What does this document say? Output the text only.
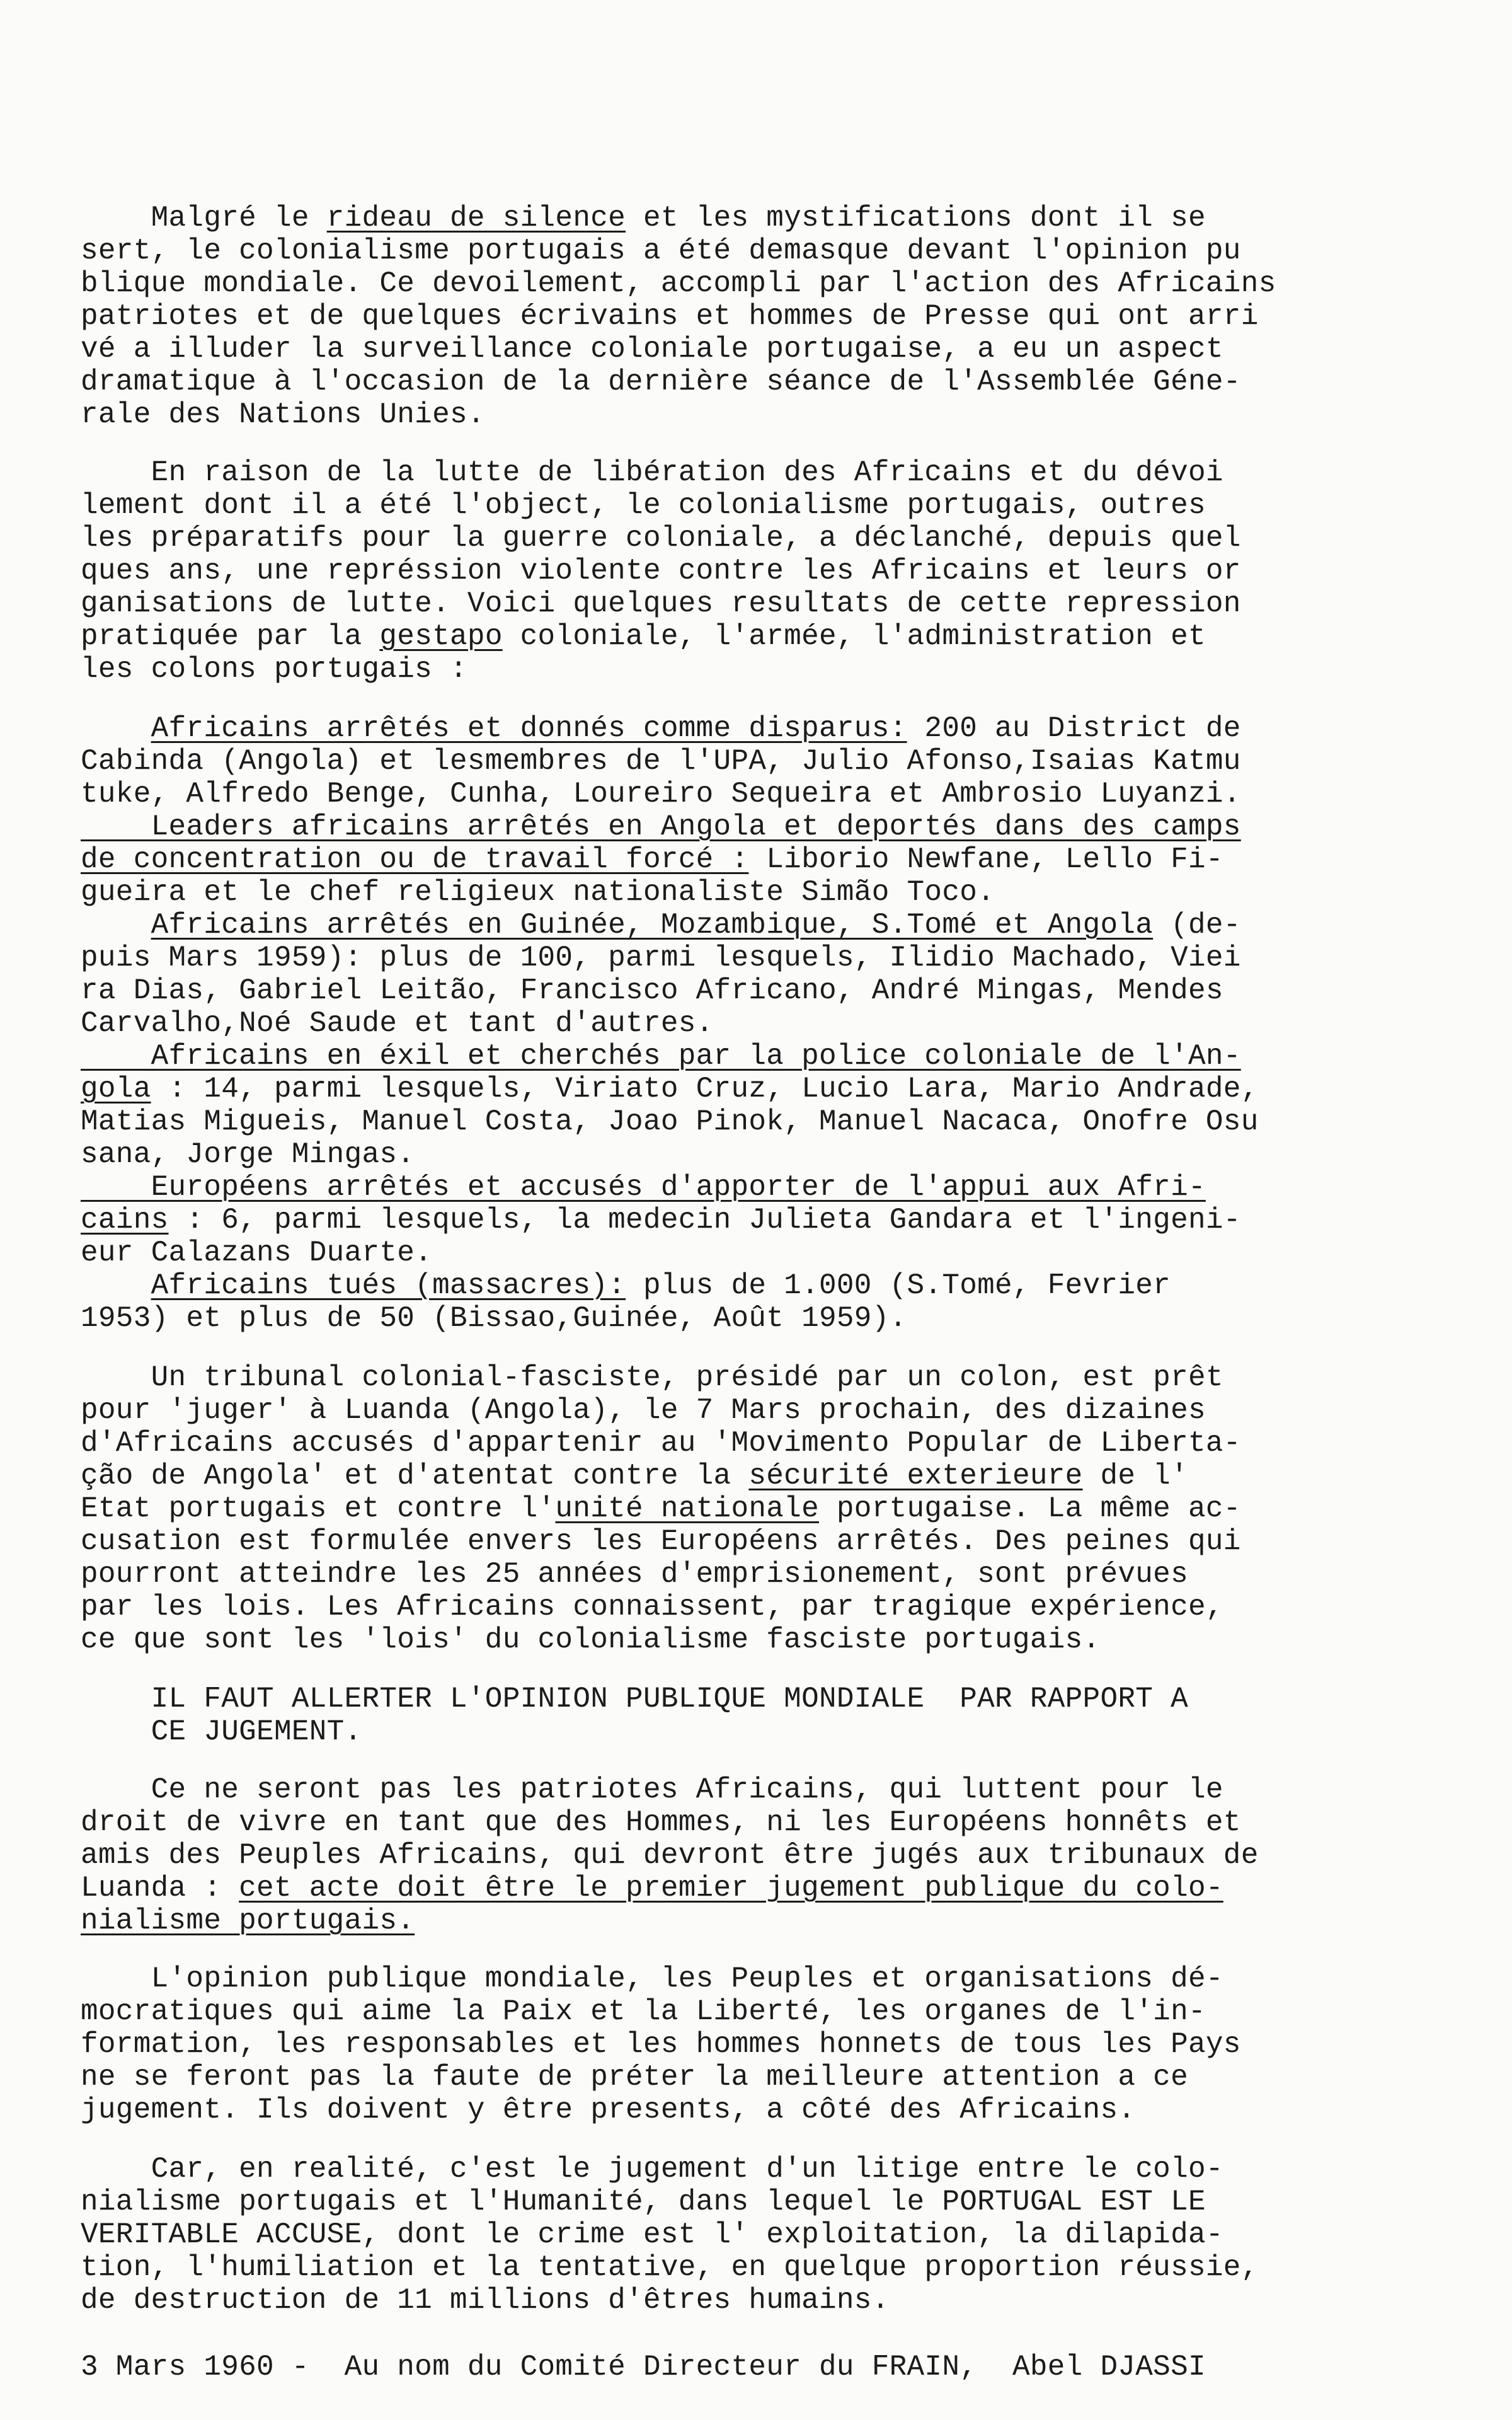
Malgré le rideau de silence et les mystifications dont il se
sert, le colonialisme portugais a été demasque devant l'opinion pu
blique mondiale. Ce devoilement, accompli par l'action des Africains
patriotes et de quelques écrivains et hommes de Presse qui ont arri
vé a illuder la surveillance coloniale portugaise, a eu un aspect
dramatique à l'occasion de la dernière séance de l'Assemblée Géne-
rale des Nations Unies.
En raison de la lutte de libération des Africains et du dévoi
lement dont il a été l'object, le colonialisme portugais, outres
les préparatifs pour la guerre coloniale, a déclanché, depuis quel
ques ans, une représsion violente contre les Africains et leurs or
ganisations de lutte. Voici quelques resultats de cette repression
pratiquée par la gestapo coloniale, l'armée, l'administration et
les colons portugais :
Africains arrêtés et donnés comme disparus: 200 au District de
Cabinda (Angola) et lesmembres de l'UPA, Julio Afonso,Isaias Katmu
tuke, Alfredo Benge, Cunha, Loureiro Sequeira et Ambrosio Luyanzi.
Leaders africains arrêtés en Angola et deportés dans des camps
de concentration ou de travail forcé : Liborio Newfane, Lello Fi-
gueira et le chef religieux nationaliste Simão Toco.
Africains arrêtés en Guinée, Mozambique, S.Tomé et Angola (de-
puis Mars 1959): plus de 100, parmi lesquels, Ilidio Machado, Viei
ra Dias, Gabriel Leitão, Francisco Africano, André Mingas, Mendes
Carvalho,Noé Saude et tant d'autres.
Africains en éxil et cherchés par la police coloniale de l'An-
gola : 14, parmi lesquels, Viriato Cruz, Lucio Lara, Mario Andrade,
Matias Migueis, Manuel Costa, Joao Pinok, Manuel Nacaca, Onofre Osu
sana, Jorge Mingas.
Européens arrêtés et accusés d'apporter de l'appui aux Afri-
cains : 6, parmi lesquels, la medecin Julieta Gandara et l'ingeni-
eur Calazans Duarte.
Africains tués (massacres): plus de 1.000 (S.Tomé, Fevrier
1953) et plus de 50 (Bissao,Guinée, Août 1959).
Un tribunal colonial-fasciste, présidé par un colon, est prêt
pour 'juger' à Luanda (Angola), le 7 Mars prochain, des dizaines
d'Africains accusés d'appartenir au 'Movimento Popular de Liberta-
ção de Angola' et d'atentat contre la sécurité exterieure de l'
Etat portugais et contre l'unité nationale portugaise. La même ac-
cusation est formulée envers les Européens arrêtés. Des peines qui
pourront atteindre les 25 années d'emprisionement, sont prévues
par les lois. Les Africains connaissent, par tragique expérience,
ce que sont les 'lois' du colonialisme fasciste portugais.
IL FAUT ALLERTER L'OPINION PUBLIQUE MONDIALE  PAR RAPPORT A
CE JUGEMENT.
Ce ne seront pas les patriotes Africains, qui luttent pour le
droit de vivre en tant que des Hommes, ni les Européens honnêts et
amis des Peuples Africains, qui devront être jugés aux tribunaux de
Luanda : cet acte doit être le premier jugement publique du colo-
nialisme portugais.
L'opinion publique mondiale, les Peuples et organisations dé-
mocratiques qui aime la Paix et la Liberté, les organes de l'in-
formation, les responsables et les hommes honnets de tous les Pays
ne se feront pas la faute de préter la meilleure attention a ce
jugement. Ils doivent y être presents, a côté des Africains.
Car, en realité, c'est le jugement d'un litige entre le colo-
nialisme portugais et l'Humanité, dans lequel le PORTUGAL EST LE
VERITABLE ACCUSE, dont le crime est l' exploitation, la dilapida-
tion, l'humiliation et la tentative, en quelque proportion réussie,
de destruction de 11 millions d'êtres humains.
3 Mars 1960 -  Au nom du Comité Directeur du FRAIN,  Abel DJASSI
